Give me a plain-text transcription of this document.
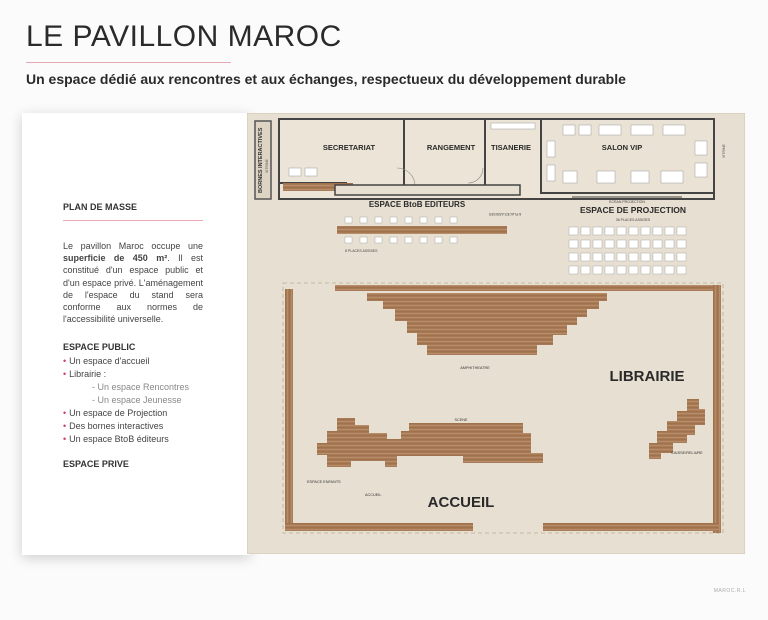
LE PAVILLON MAROC
Un espace dédié aux rencontres et aux échanges, respectueux du développement durable
PLAN DE MASSE
Le pavillon Maroc occupe une superficie de 450 m². Il est constitué d'un espace public et d'un espace privé. L'aménagement de l'espace du stand sera conforme aux normes de l'accessibilité universelle.
ESPACE PUBLIC
• Un espace d'accueil
• Librairie :
- Un espace Rencontres
- Un espace Jeunesse
• Un espace de Projection
• Des bornes interactives
• Un espace BtoB éditeurs
ESPACE PRIVE
BORNES INTERACTIVES VITRINE
SECRETARIAT	RANGEMENT TISANERIE	SALON VIP	VITRINE
ESPACE BtoB EDITEURS
8 PLACES ASSISES
8 PLACES ASSISES
ECRAN PROJECTION
ESPACE DE PROJECTION
36 PLACES ASSISES
AMPHITHEATRE	LIBRAIRIE
SCENE
CAISSE/RELIURE
ESPACE ENFANTS
ACCUEIL	ACCUEIL
MAROC.R.L
